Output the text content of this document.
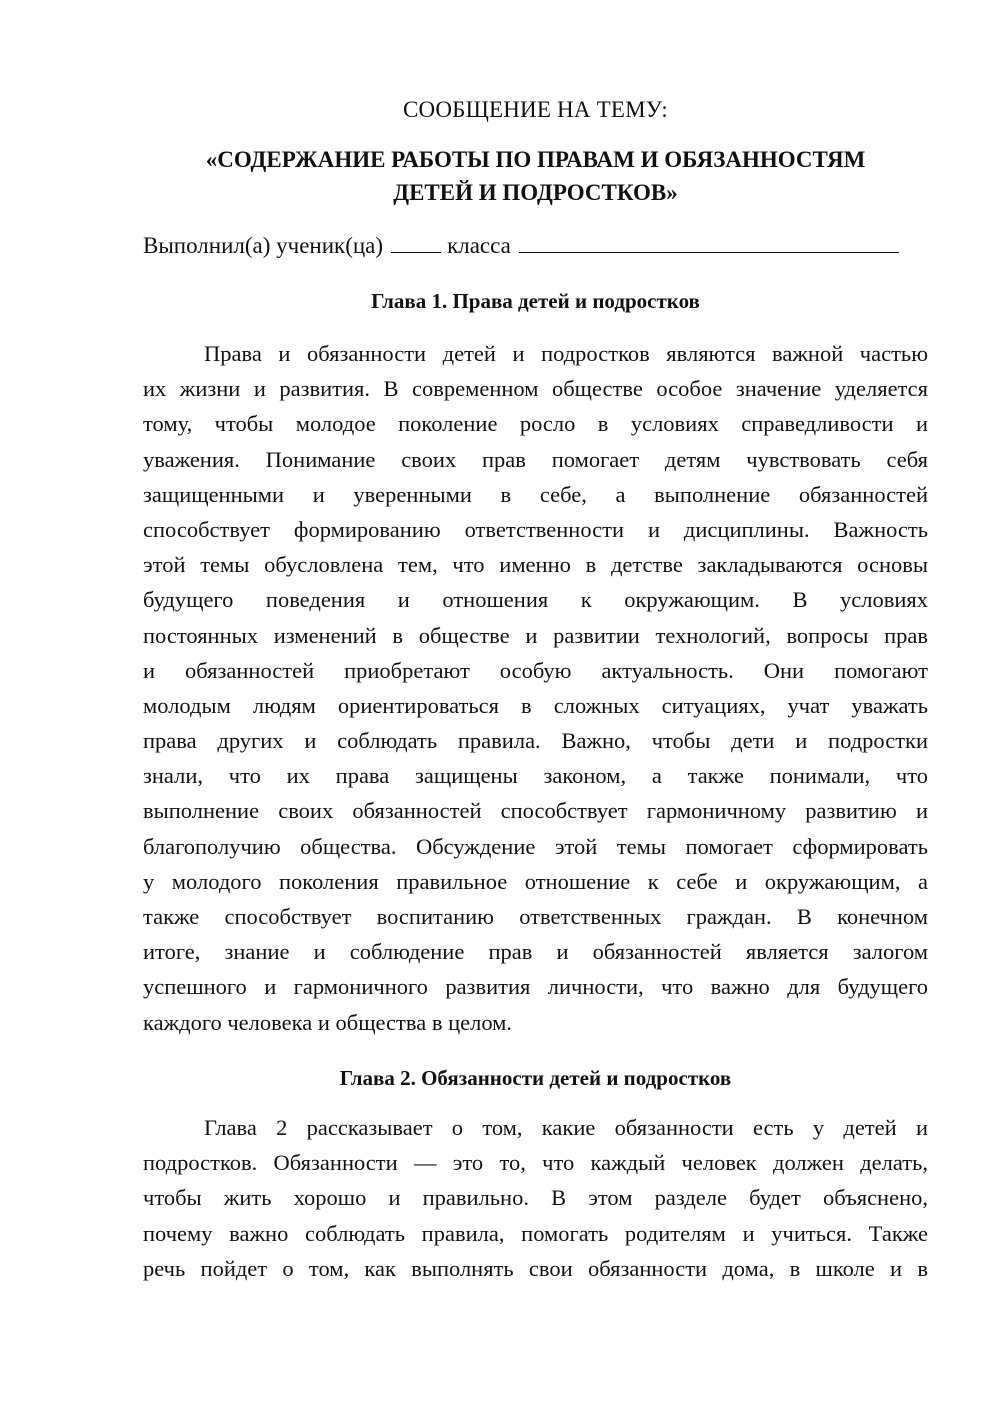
СООБЩЕНИЕ НА ТЕМУ:
«СОДЕРЖАНИЕ РАБОТЫ ПО ПРАВАМ И ОБЯЗАННОСТЯМ
ДЕТЕЙ И ПОДРОСТКОВ»
Выполнил(а) ученик(ца)	класса
Глава 1. Права детей и подростков
Права и обязанности детей и подростков являются важной частью
их жизни и развития. В современном обществе особое значение уделяется
тому, чтобы молодое поколение росло в условиях справедливости и
уважения. Понимание своих прав помогает детям чувствовать себя
защищенными и уверенными в себе, а выполнение обязанностей
способствует формированию ответственности и дисциплины. Важность
этой темы обусловлена тем, что именно в детстве закладываются основы
будущего поведения и отношения к окружающим. В условиях
постоянных изменений в обществе и развитии технологий, вопросы прав
и обязанностей приобретают особую актуальность. Они помогают
молодым людям ориентироваться в сложных ситуациях, учат уважать
права других и соблюдать правила. Важно, чтобы дети и подростки
знали, что их права защищены законом, а также понимали, что
выполнение своих обязанностей способствует гармоничному развитию и
благополучию общества. Обсуждение этой темы помогает сформировать
у молодого поколения правильное отношение к себе и окружающим, а
также способствует воспитанию ответственных граждан. В конечном
итоге, знание и соблюдение прав и обязанностей является залогом
успешного и гармоничного развития личности, что важно для будущего
каждого человека и общества в целом.
Глава 2. Обязанности детей и подростков
Глава 2 рассказывает о том, какие обязанности есть у детей и
подростков. Обязанности — это то, что каждый человек должен делать,
чтобы жить хорошо и правильно. В этом разделе будет объяснено,
почему важно соблюдать правила, помогать родителям и учиться. Также
речь пойдет о том, как выполнять свои обязанности дома, в школе и в
